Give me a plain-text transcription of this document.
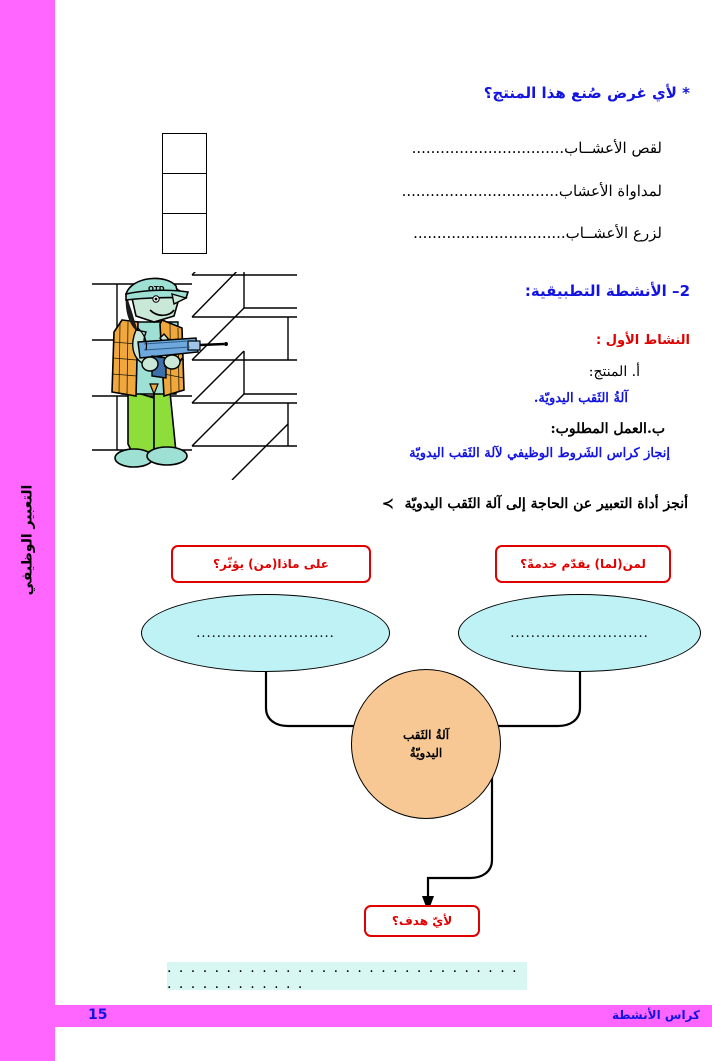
التعبير الوظيفي
* لأي غرض صُنع هذا المنتج؟
لقص الأعشــاب................................
لمداواة الأعشاب.................................
لزرع الأعشــاب................................
OTD	2– الأنشطة التطبيقية:
النشاط الأول :
أ. المنتج:
آلةُ الثَقب اليدويّة.
ب.العمل المطلوب:
إنجاز كراس الشَروط الوظيفي لآلة الثَقب اليدويّة
أنجز أداة التعبير عن الحاجة إلى آلة الثَقب اليدويّة ≻
على ماذا(من) يؤثّر؟	لمن(لما) يقدّم خدمةً؟
...........................	...........................
آلةُ الثَقب
اليدويّةُ
لأيّ هدف؟
. . . . . . . . . . . . . . . . . . . . . . . . . . . . . . . . . . . . . . . . . .
15	كراس الأنشطة
